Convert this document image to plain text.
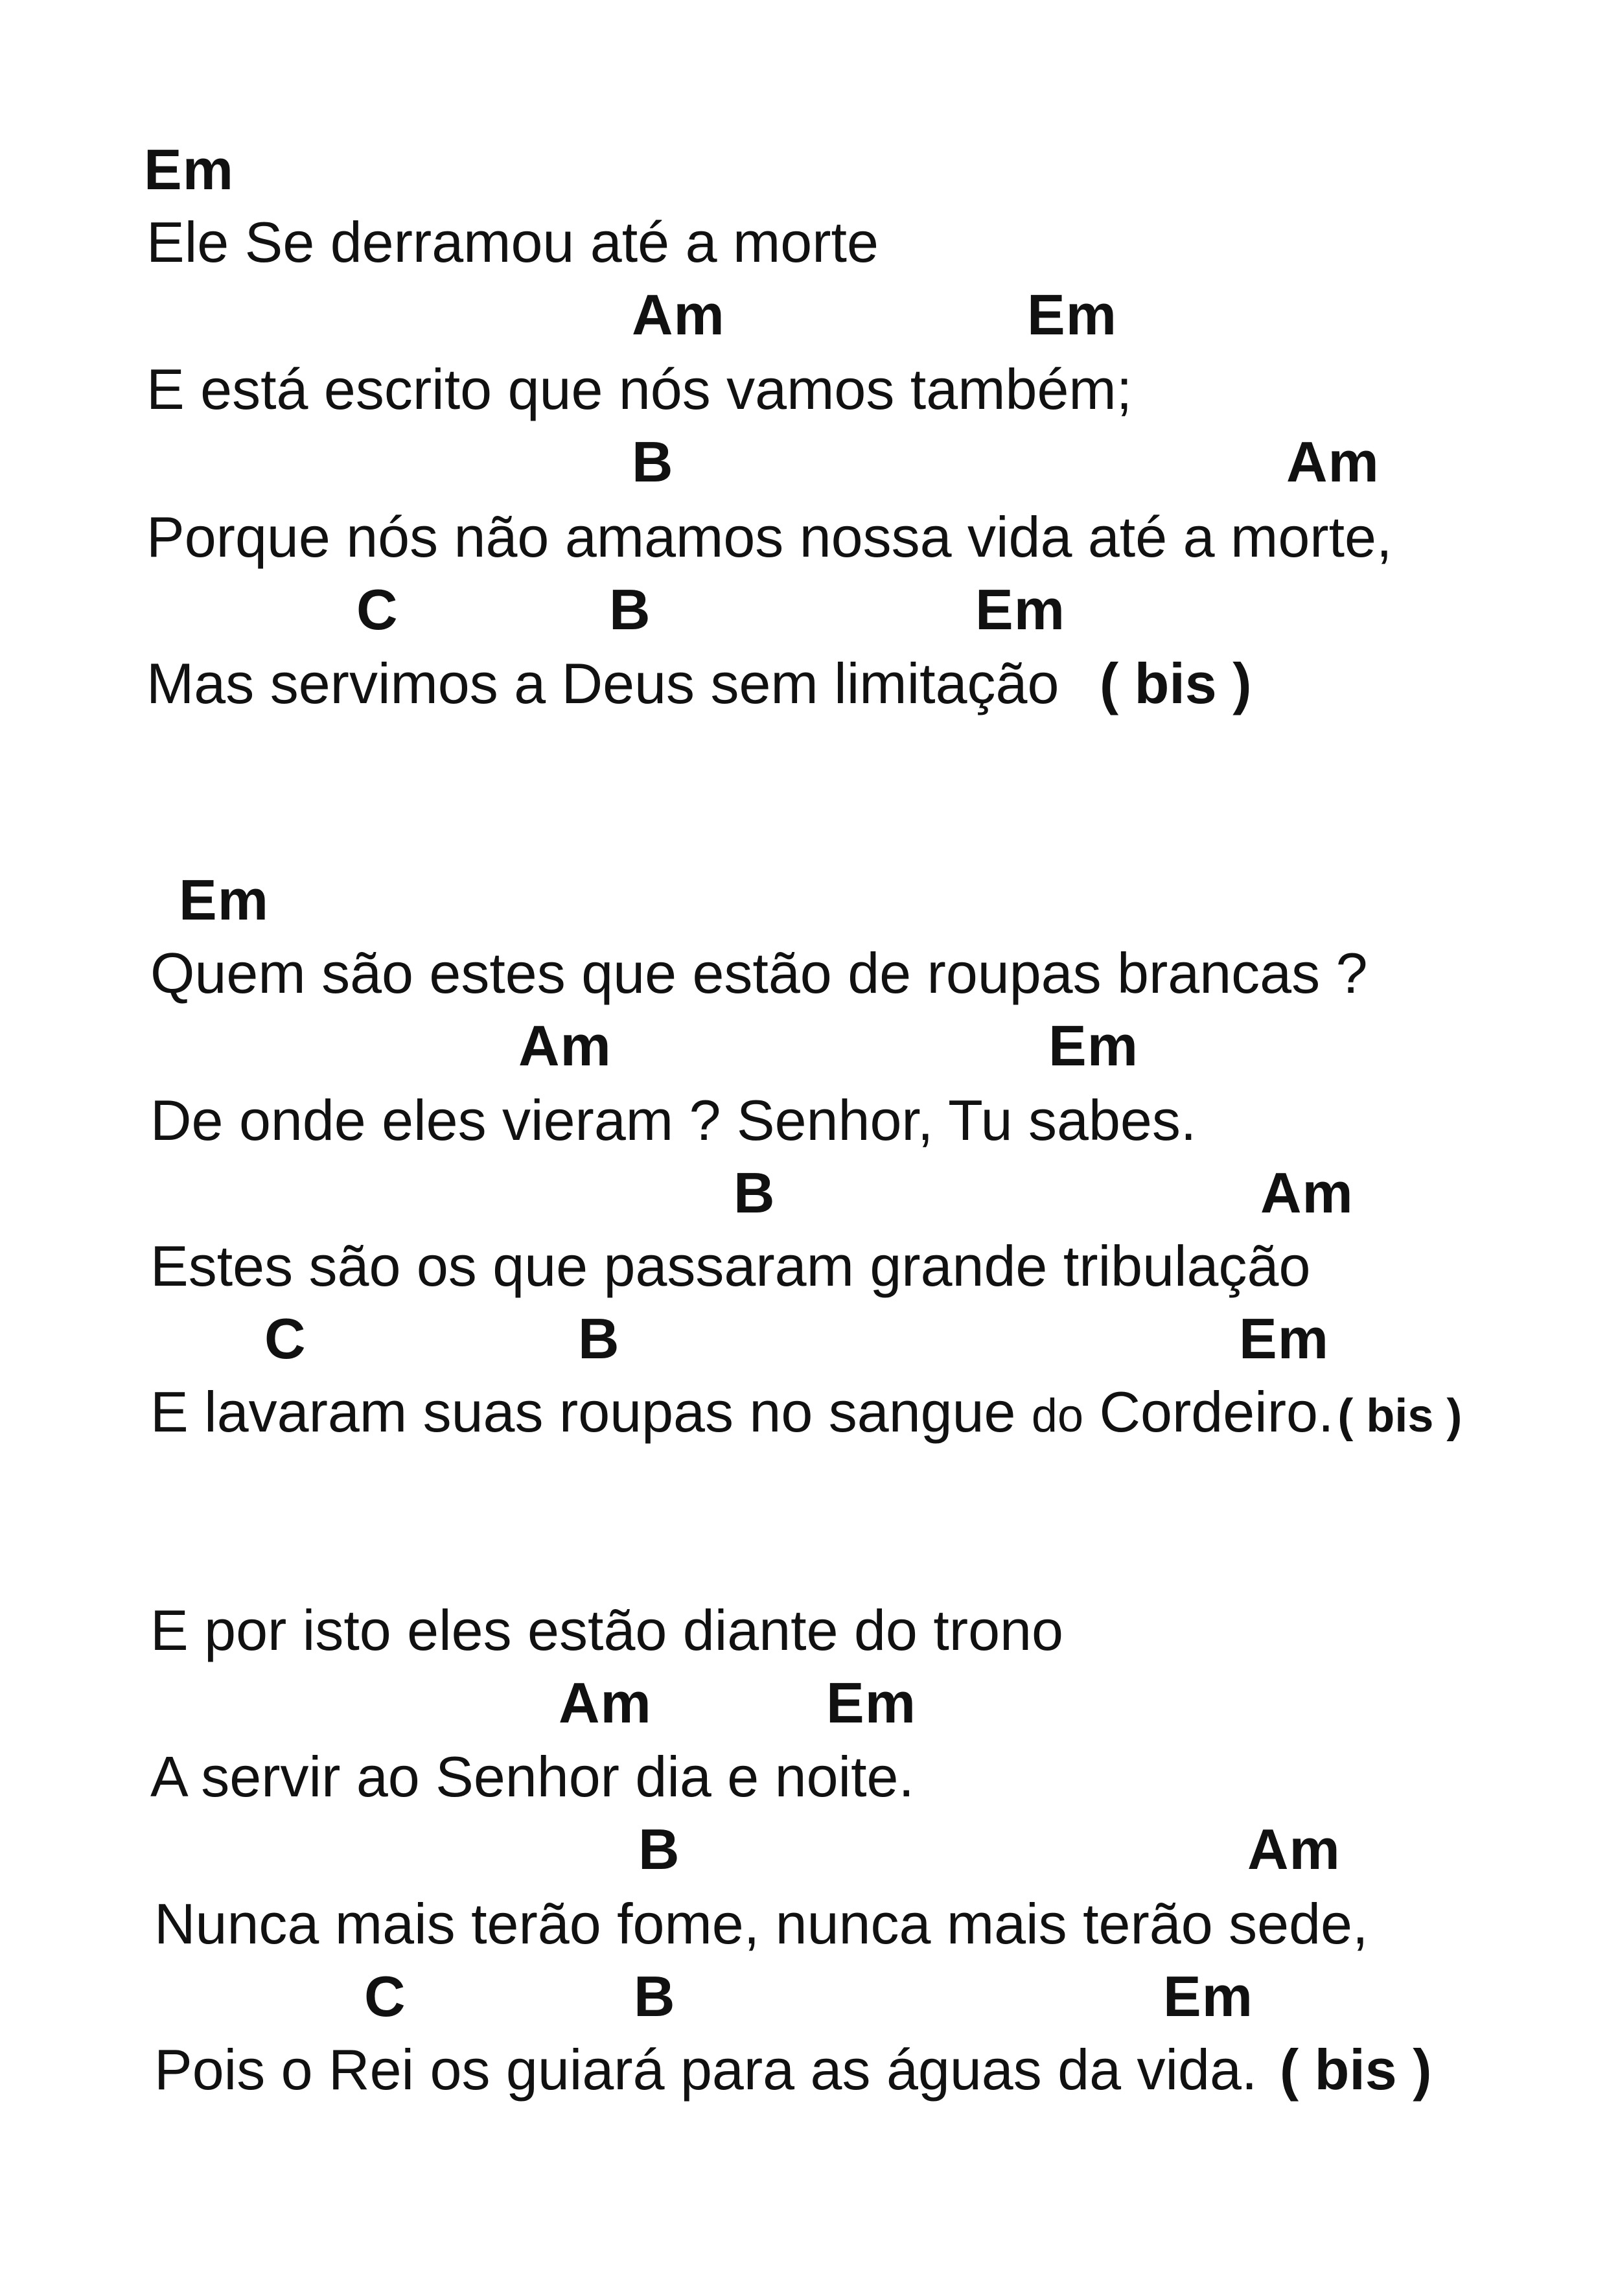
Em
Ele Se derramou até a morte
Am	Em
E está escrito que nós vamos também;
B	Am
Porque nós não amamos nossa vida até a morte,
C	B	Em
Mas servimos a Deus sem limitação ( bis )
Em
Quem são estes que estão de roupas brancas ?
Am	Em
De onde eles vieram ? Senhor, Tu sabes.
B	Am
Estes são os que passaram grande tribulação
C	B	Em
E lavaram suas roupas no sangue do Cordeiro.( bis )
E por isto eles estão diante do trono
Am	Em
A servir ao Senhor dia e noite.
B	Am
Nunca mais terão fome, nunca mais terão sede,
C	B	Em
Pois o Rei os guiará para as águas da vida. ( bis )
